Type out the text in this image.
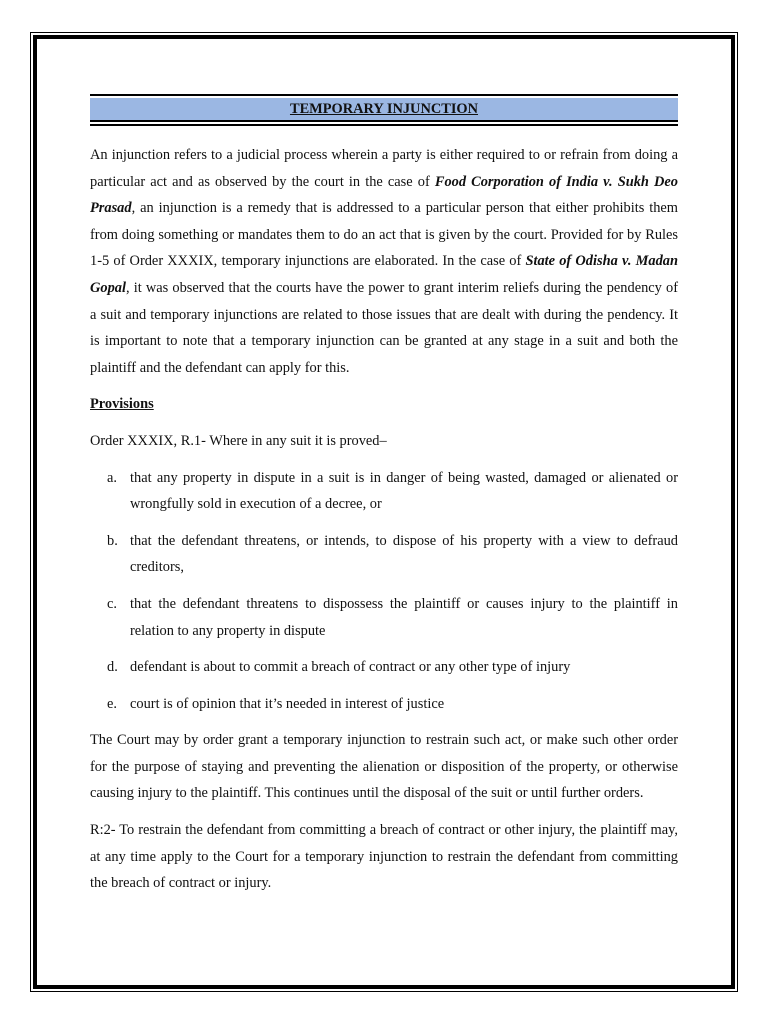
TEMPORARY INJUNCTION

An injunction refers to a judicial process wherein a party is either required to or refrain from doing a particular act and as observed by the court in the case of Food Corporation of India v. Sukh Deo Prasad, an injunction is a remedy that is addressed to a particular person that either prohibits them from doing something or mandates them to do an act that is given by the court. Provided for by Rules 1-5 of Order XXXIX, temporary injunctions are elaborated. In the case of State of Odisha v. Madan Gopal, it was observed that the courts have the power to grant interim reliefs during the pendency of a suit and temporary injunctions are related to those issues that are dealt with during the pendency. It is important to note that a temporary injunction can be granted at any stage in a suit and both the plaintiff and the defendant can apply for this.

Provisions

Order XXXIX, R.1- Where in any suit it is proved–

a. that any property in dispute in a suit is in danger of being wasted, damaged or alienated or wrongfully sold in execution of a decree, or
b. that the defendant threatens, or intends, to dispose of his property with a view to defraud creditors,
c. that the defendant threatens to dispossess the plaintiff or causes injury to the plaintiff in relation to any property in dispute
d. defendant is about to commit a breach of contract or any other type of injury
e. court is of opinion that it’s needed in interest of justice

The Court may by order grant a temporary injunction to restrain such act, or make such other order for the purpose of staying and preventing the alienation or disposition of the property, or otherwise causing injury to the plaintiff. This continues until the disposal of the suit or until further orders.

R:2- To restrain the defendant from committing a breach of contract or other injury, the plaintiff may, at any time apply to the Court for a temporary injunction to restrain the defendant from committing the breach of contract or injury.
